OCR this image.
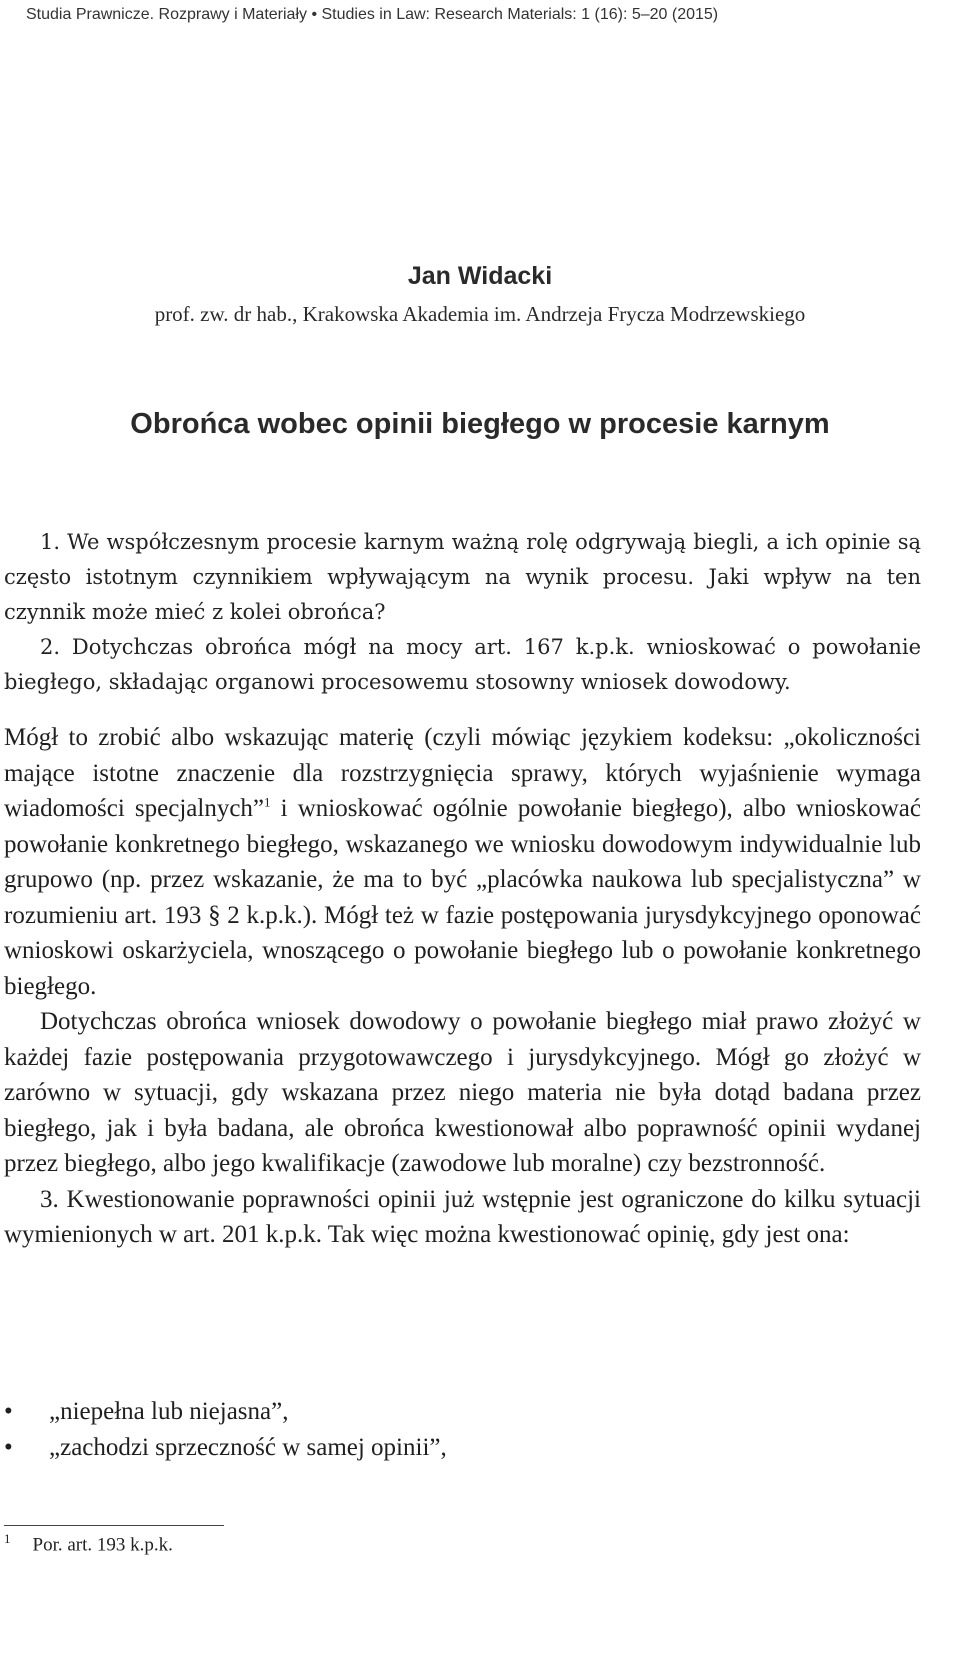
Studia Prawnicze. Rozprawy i Materiały • Studies in Law: Research Materials: 1 (16): 5–20 (2015)
Jan Widacki
prof. zw. dr hab., Krakowska Akademia im. Andrzeja Frycza Modrzewskiego
Obrońca wobec opinii biegłego w procesie karnym

1. We współczesnym procesie karnym ważną rolę odgrywają biegli, a ich opinie są często istotnym czynnikiem wpływającym na wynik procesu. Jaki wpływ na ten czynnik może mieć z kolei obrońca?

2. Dotychczas obrońca mógł na mocy art. 167 k.p.k. wnioskować o powołanie biegłego, składając organowi procesowemu stosowny wniosek dowodowy.

Mógł to zrobić albo wskazując materię (czyli mówiąc językiem kodeksu: „okoliczności mające istotne znaczenie dla rozstrzygnięcia sprawy, których wyjaśnienie wymaga wiadomości specjalnych”$^1$ i wnioskować ogólnie powołanie biegłego), albo wnioskować powołanie konkretnego biegłego, wskazanego we wniosku dowodowym indywidualnie lub grupowo (np. przez wskazanie, że ma to być „placówka naukowa lub specjalistyczna” w rozumieniu art. 193 § 2 k.p.k.). Mógł też w fazie postępowania jurysdykcyjnego oponować wnioskowi oskarżyciela, wnoszącego o powołanie biegłego lub o powołanie konkretnego biegłego.

Dotychczas obrońca wniosek dowodowy o powołanie biegłego miał prawo złożyć w każdej fazie postępowania przygotowawczego i jurysdykcyjnego. Mógł go złożyć w zarówno w sytuacji, gdy wskazana przez niego materia nie była dotąd badana przez biegłego, jak i była badana, ale obrońca kwestionował albo poprawność opinii wydanej przez biegłego, albo jego kwalifikacje (zawodowe lub moralne) czy bezstronność.

3. Kwestionowanie poprawności opinii już wstępnie jest ograniczone do kilku sytuacji wymienionych w art. 201 k.p.k. Tak więc można kwestionować opinię, gdy jest ona:

• „niepełna lub niejasna”,
• „zachodzi sprzeczność w samej opinii”,
$^1$ Por. art. 193 k.p.k.
